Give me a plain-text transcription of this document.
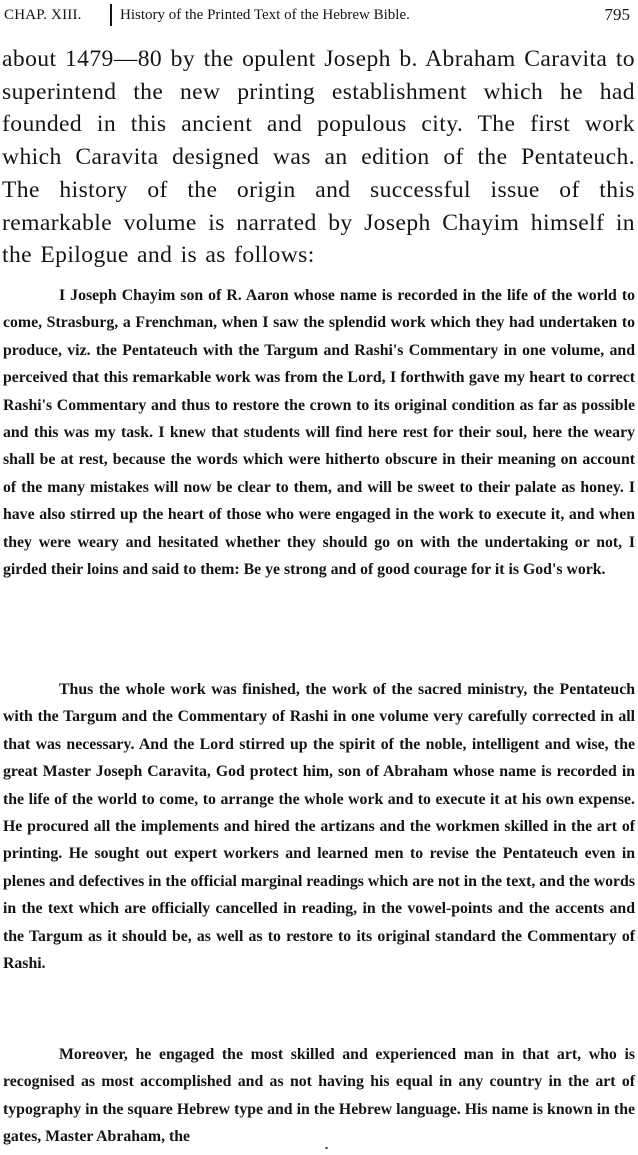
CHAP. XIII.	History of the Printed Text of the Hebrew Bible.	795

about 1479—80 by the opulent Joseph b. Abraham Caravita to superintend the new printing establishment which he had founded in this ancient and populous city. The first work which Caravita designed was an edition of the Pentateuch. The history of the origin and successful issue of this remarkable volume is narrated by Joseph Chayim himself in the Epilogue and is as follows:

I Joseph Chayim son of R. Aaron whose name is recorded in the life of the world to come, Strasburg, a Frenchman, when I saw the splendid work which they had undertaken to produce, viz. the Pentateuch with the Targum and Rashi's Commentary in one volume, and perceived that this remarkable work was from the Lord, I forthwith gave my heart to correct Rashi's Commentary and thus to restore the crown to its original condition as far as possible and this was my task. I knew that students will find here rest for their soul, here the weary shall be at rest, because the words which were hitherto obscure in their meaning on account of the many mistakes will now be clear to them, and will be sweet to their palate as honey. I have also stirred up the heart of those who were engaged in the work to execute it, and when they were weary and hesitated whether they should go on with the undertaking or not, I girded their loins and said to them: Be ye strong and of good courage for it is God's work.

Thus the whole work was finished, the work of the sacred ministry, the Pentateuch with the Targum and the Commentary of Rashi in one volume very carefully corrected in all that was necessary. And the Lord stirred up the spirit of the noble, intelligent and wise, the great Master Joseph Caravita, God protect him, son of Abraham whose name is recorded in the life of the world to come, to arrange the whole work and to execute it at his own expense. He procured all the implements and hired the artizans and the workmen skilled in the art of printing. He sought out expert workers and learned men to revise the Pentateuch even in plenes and defectives in the official marginal readings which are not in the text, and the words in the text which are officially cancelled in reading, in the vowel-points and the accents and the Targum as it should be, as well as to restore to its original standard the Commentary of Rashi.

Moreover, he engaged the most skilled and experienced man in that art, who is recognised as most accomplished and as not having his equal in any country in the art of typography in the square Hebrew type and in the Hebrew language. His name is known in the gates, Master Abraham, the
